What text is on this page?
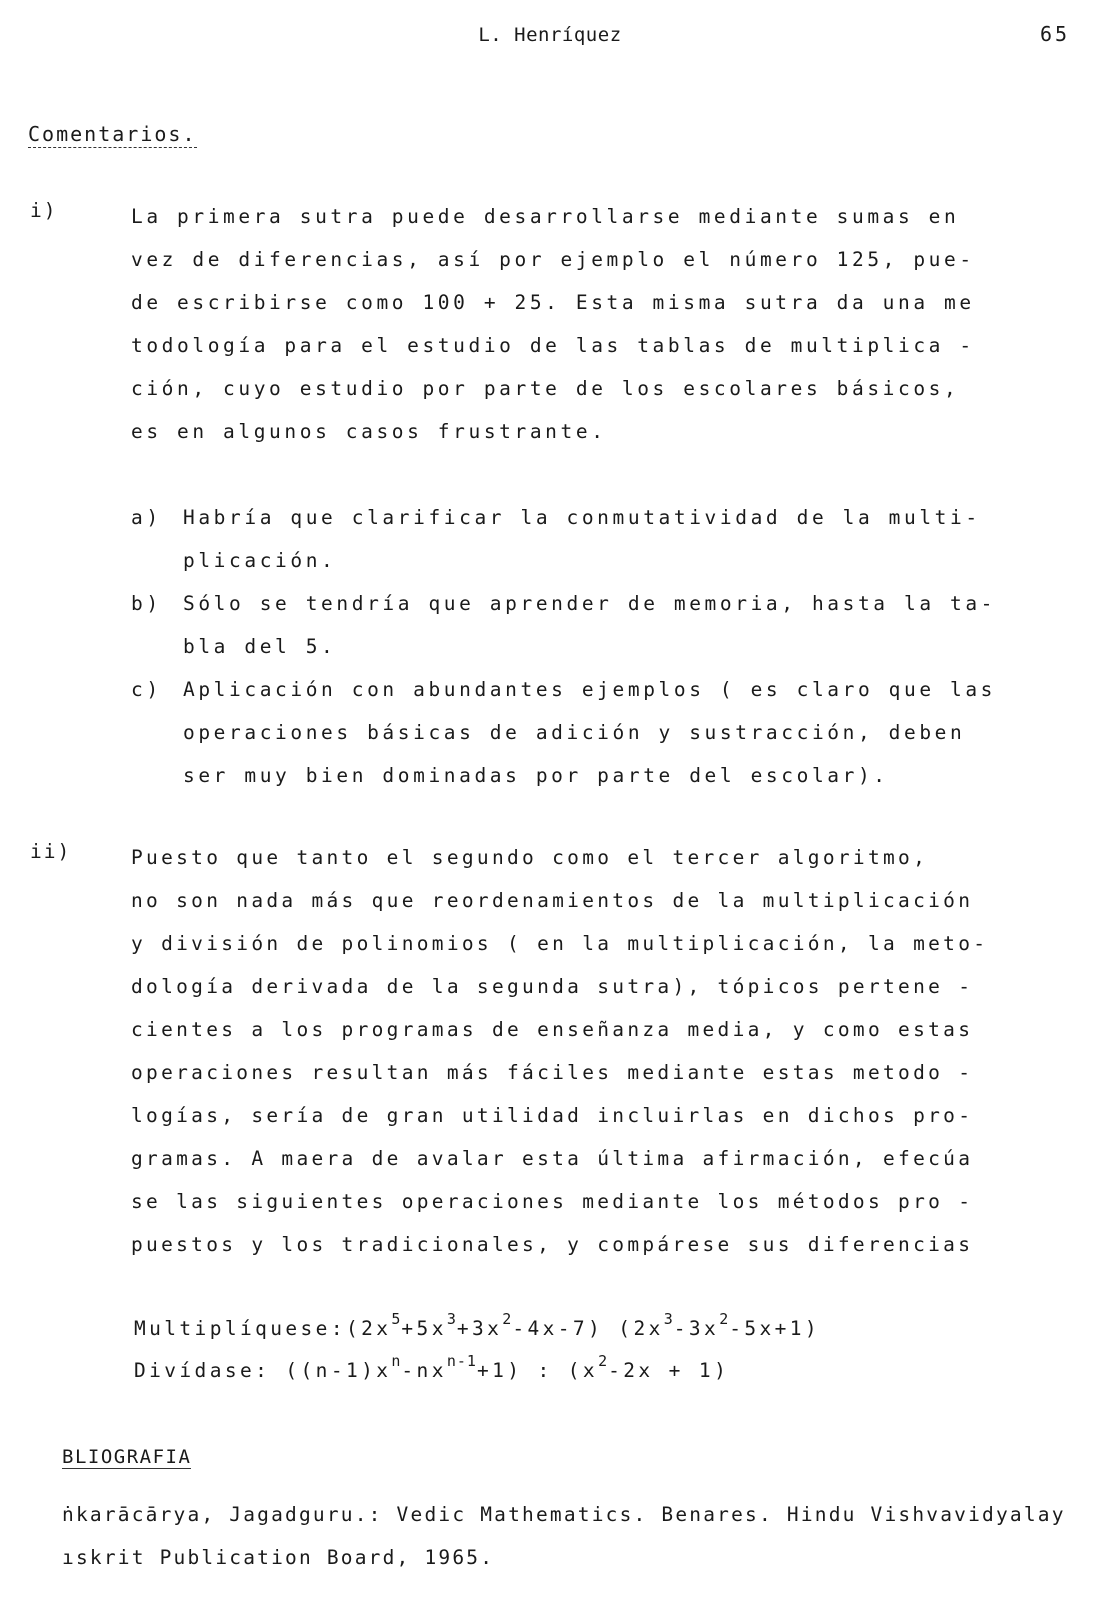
L. Henríquez	65
Comentarios.
i)	La primera sutra puede desarrollarse mediante sumas en
vez de diferencias, así por ejemplo el número 125, pue-
de escribirse como 100 + 25. Esta misma sutra da una me
todología para el estudio de las tablas de multiplica -
ción, cuyo estudio por parte de los escolares básicos,
es en algunos casos frustrante.
a) Habría que clarificar la conmutatividad de la multi-
plicación.
b) Sólo se tendría que aprender de memoria, hasta la ta-
bla del 5.
c) Aplicación con abundantes ejemplos ( es claro que las
operaciones básicas de adición y sustracción, deben
ser muy bien dominadas por parte del escolar).
ii)	Puesto que tanto el segundo como el tercer algoritmo,
no son nada más que reordenamientos de la multiplicación
y división de polinomios ( en la multiplicación, la meto-
dología derivada de la segunda sutra), tópicos pertene -
cientes a los programas de enseñanza media, y como estas
operaciones resultan más fáciles mediante estas metodo -
logías, sería de gran utilidad incluirlas en dichos pro-
gramas. A maera de avalar esta última afirmación, efecúa
se las siguientes operaciones mediante los métodos pro -
puestos y los tradicionales, y compárese sus diferencias
$Multiplíquese:(2x^5+5x^3+3x^2-4x-7)$ $(2x^3-3x^2-5x+1)$
Divídase: $((n-1)x^n-nx^{n-1}+1)$ : $(x^2-2x + 1)$
BLIOGRAFIA
ṅkarācārya, Jagadguru.: Vedic Mathematics. Benares. Hindu Vishvavidyalay
ıskrit Publication Board, 1965.
